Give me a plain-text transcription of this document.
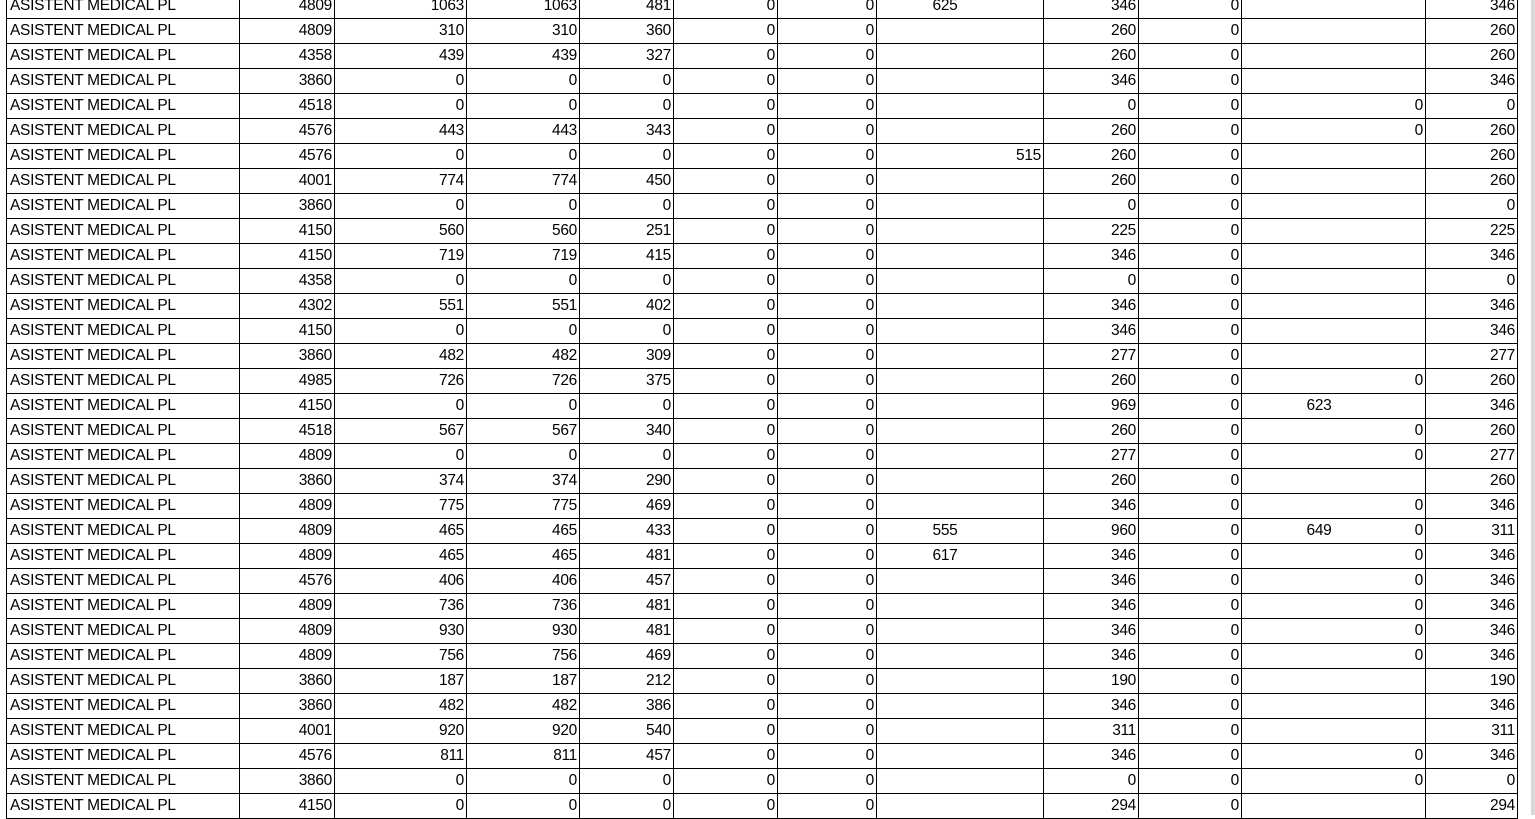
ASISTENT MEDICAL PL	4809	1063	1063	481	0	0	625		346	0			346
ASISTENT MEDICAL PL	4809	310	310	360	0	0			260	0			260
ASISTENT MEDICAL PL	4358	439	439	327	0	0			260	0			260
ASISTENT MEDICAL PL	3860	0	0	0	0	0			346	0			346
ASISTENT MEDICAL PL	4518	0	0	0	0	0			0	0		0	0
ASISTENT MEDICAL PL	4576	443	443	343	0	0			260	0		0	260
ASISTENT MEDICAL PL	4576	0	0	0	0	0		515	260	0			260
ASISTENT MEDICAL PL	4001	774	774	450	0	0			260	0			260
ASISTENT MEDICAL PL	3860	0	0	0	0	0			0	0			0
ASISTENT MEDICAL PL	4150	560	560	251	0	0			225	0			225
ASISTENT MEDICAL PL	4150	719	719	415	0	0			346	0			346
ASISTENT MEDICAL PL	4358	0	0	0	0	0			0	0			0
ASISTENT MEDICAL PL	4302	551	551	402	0	0			346	0			346
ASISTENT MEDICAL PL	4150	0	0	0	0	0			346	0			346
ASISTENT MEDICAL PL	3860	482	482	309	0	0			277	0			277
ASISTENT MEDICAL PL	4985	726	726	375	0	0			260	0		0	260
ASISTENT MEDICAL PL	4150	0	0	0	0	0			969	0	623		346
ASISTENT MEDICAL PL	4518	567	567	340	0	0			260	0		0	260
ASISTENT MEDICAL PL	4809	0	0	0	0	0			277	0		0	277
ASISTENT MEDICAL PL	3860	374	374	290	0	0			260	0			260
ASISTENT MEDICAL PL	4809	775	775	469	0	0			346	0		0	346
ASISTENT MEDICAL PL	4809	465	465	433	0	0	555		960	0	649	0	311
ASISTENT MEDICAL PL	4809	465	465	481	0	0	617		346	0		0	346
ASISTENT MEDICAL PL	4576	406	406	457	0	0			346	0		0	346
ASISTENT MEDICAL PL	4809	736	736	481	0	0			346	0		0	346
ASISTENT MEDICAL PL	4809	930	930	481	0	0			346	0		0	346
ASISTENT MEDICAL PL	4809	756	756	469	0	0			346	0		0	346
ASISTENT MEDICAL PL	3860	187	187	212	0	0			190	0			190
ASISTENT MEDICAL PL	3860	482	482	386	0	0			346	0			346
ASISTENT MEDICAL PL	4001	920	920	540	0	0			311	0			311
ASISTENT MEDICAL PL	4576	811	811	457	0	0			346	0		0	346
ASISTENT MEDICAL PL	3860	0	0	0	0	0			0	0		0	0
ASISTENT MEDICAL PL	4150	0	0	0	0	0			294	0			294
